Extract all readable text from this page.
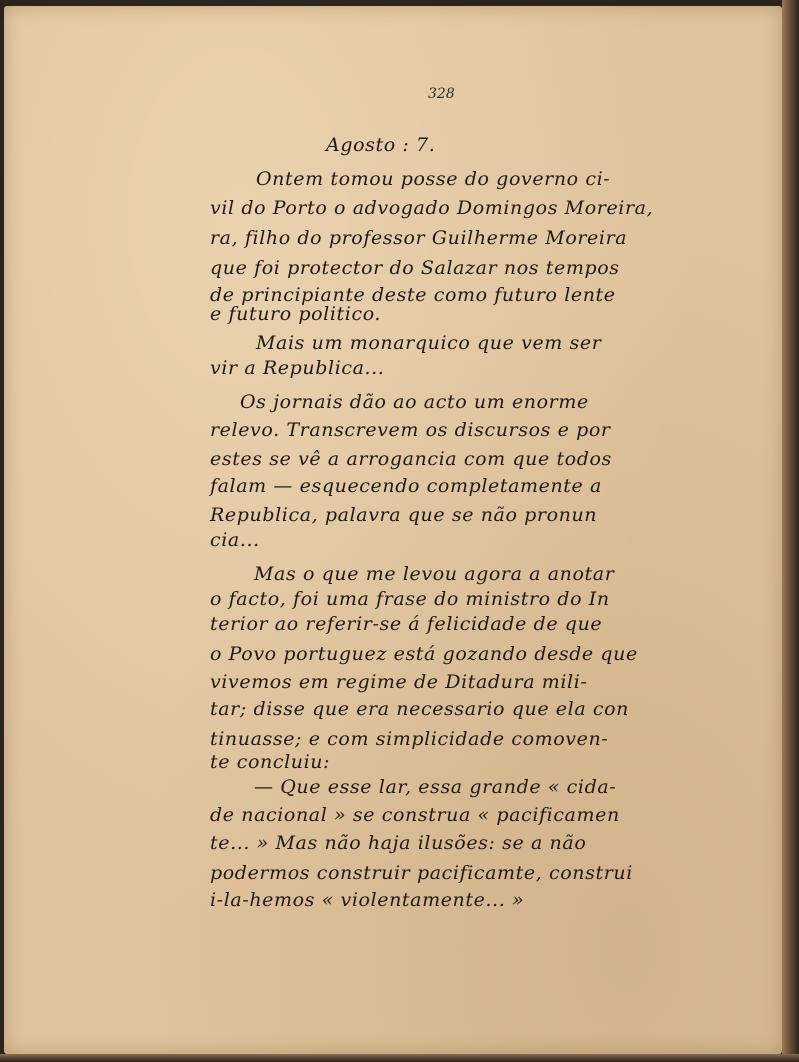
328
Agosto : 7.
Ontem tomou posse do governo ci-
vil do Porto o advogado Domingos Moreira,
ra, filho do professor Guilherme Moreira
que foi protector do Salazar nos tempos
de principiante deste como futuro lente
e futuro politico.
Mais um monarquico que vem ser
vir a Republica...
Os jornais dão ao acto um enorme
relevo. Transcrevem os discursos e por
estes se vê a arrogancia com que todos
falam — esquecendo completamente a
Republica, palavra que se não pronun
cia...
Mas o que me levou agora a anotar
o facto, foi uma frase do ministro do In
terior ao referir-se á felicidade de que
o Povo portuguez está gozando desde que
vivemos em regime de Ditadura mili-
tar; disse que era necessario que ela con
tinuasse; e com simplicidade comoven-
te concluiu:
— Que esse lar, essa grande « cida-
de nacional » se construa « pacificamen
te... » Mas não haja ilusões: se a não
podermos construir pacificamte, construi
i-la-hemos « violentamente... »
